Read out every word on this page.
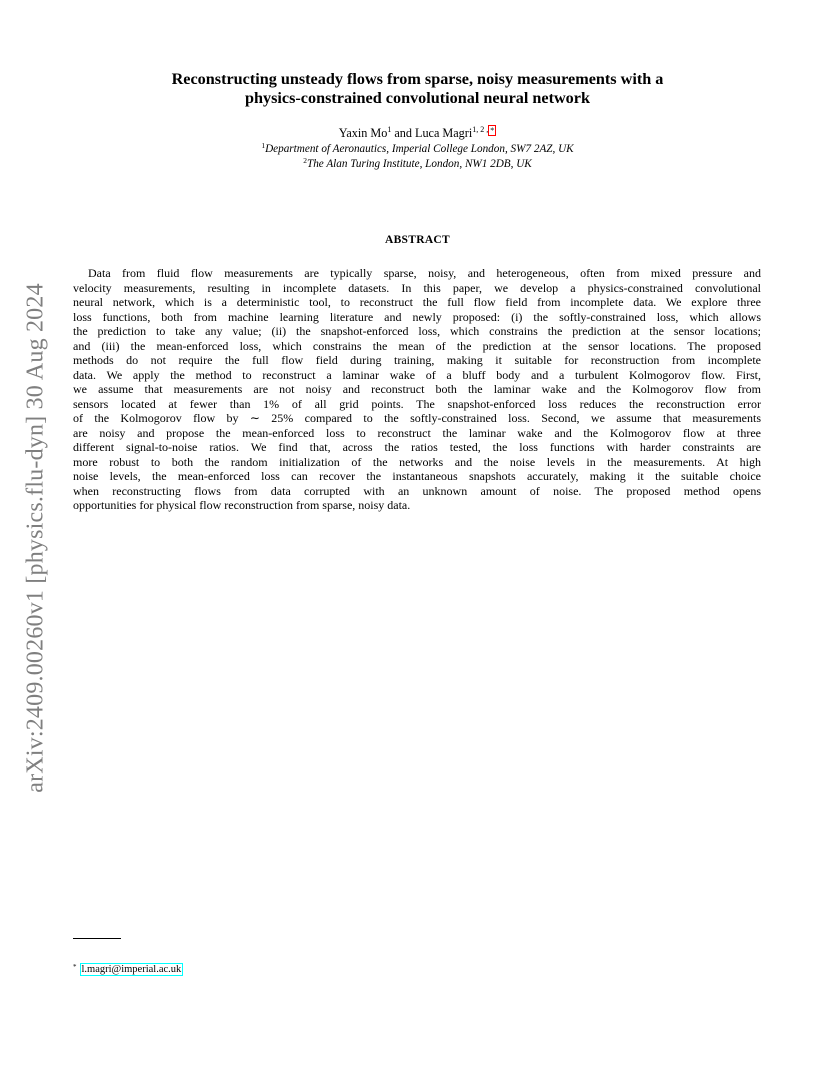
arXiv:2409.00260v1 [physics.flu-dyn] 30 Aug 2024
Reconstructing unsteady flows from sparse, noisy measurements with a
physics-constrained convolutional neural network
Yaxin Mo$^1$ and Luca Magri$^{1, 2 ,}$ *
$^1$Department of Aeronautics, Imperial College London, SW7 2AZ, UK
$^2$The Alan Turing Institute, London, NW1 2DB, UK
ABSTRACT
Data from fluid flow measurements are typically sparse, noisy, and heterogeneous, often from mixed pressure and
velocity measurements, resulting in incomplete datasets. In this paper, we develop a physics-constrained convolutional
neural network, which is a deterministic tool, to reconstruct the full flow field from incomplete data. We explore three
loss functions, both from machine learning literature and newly proposed: (i) the softly-constrained loss, which allows
the prediction to take any value; (ii) the snapshot-enforced loss, which constrains the prediction at the sensor locations;
and (iii) the mean-enforced loss, which constrains the mean of the prediction at the sensor locations. The proposed
methods do not require the full flow field during training, making it suitable for reconstruction from incomplete
data. We apply the method to reconstruct a laminar wake of a bluff body and a turbulent Kolmogorov flow. First,
we assume that measurements are not noisy and reconstruct both the laminar wake and the Kolmogorov flow from
sensors located at fewer than 1% of all grid points. The snapshot-enforced loss reduces the reconstruction error
of the Kolmogorov flow by ∼ 25% compared to the softly-constrained loss. Second, we assume that measurements
are noisy and propose the mean-enforced loss to reconstruct the laminar wake and the Kolmogorov flow at three
different signal-to-noise ratios. We find that, across the ratios tested, the loss functions with harder constraints are
more robust to both the random initialization of the networks and the noise levels in the measurements. At high
noise levels, the mean-enforced loss can recover the instantaneous snapshots accurately, making it the suitable choice
when reconstructing flows from data corrupted with an unknown amount of noise. The proposed method opens
opportunities for physical flow reconstruction from sparse, noisy data.
* l.magri@imperial.ac.uk
